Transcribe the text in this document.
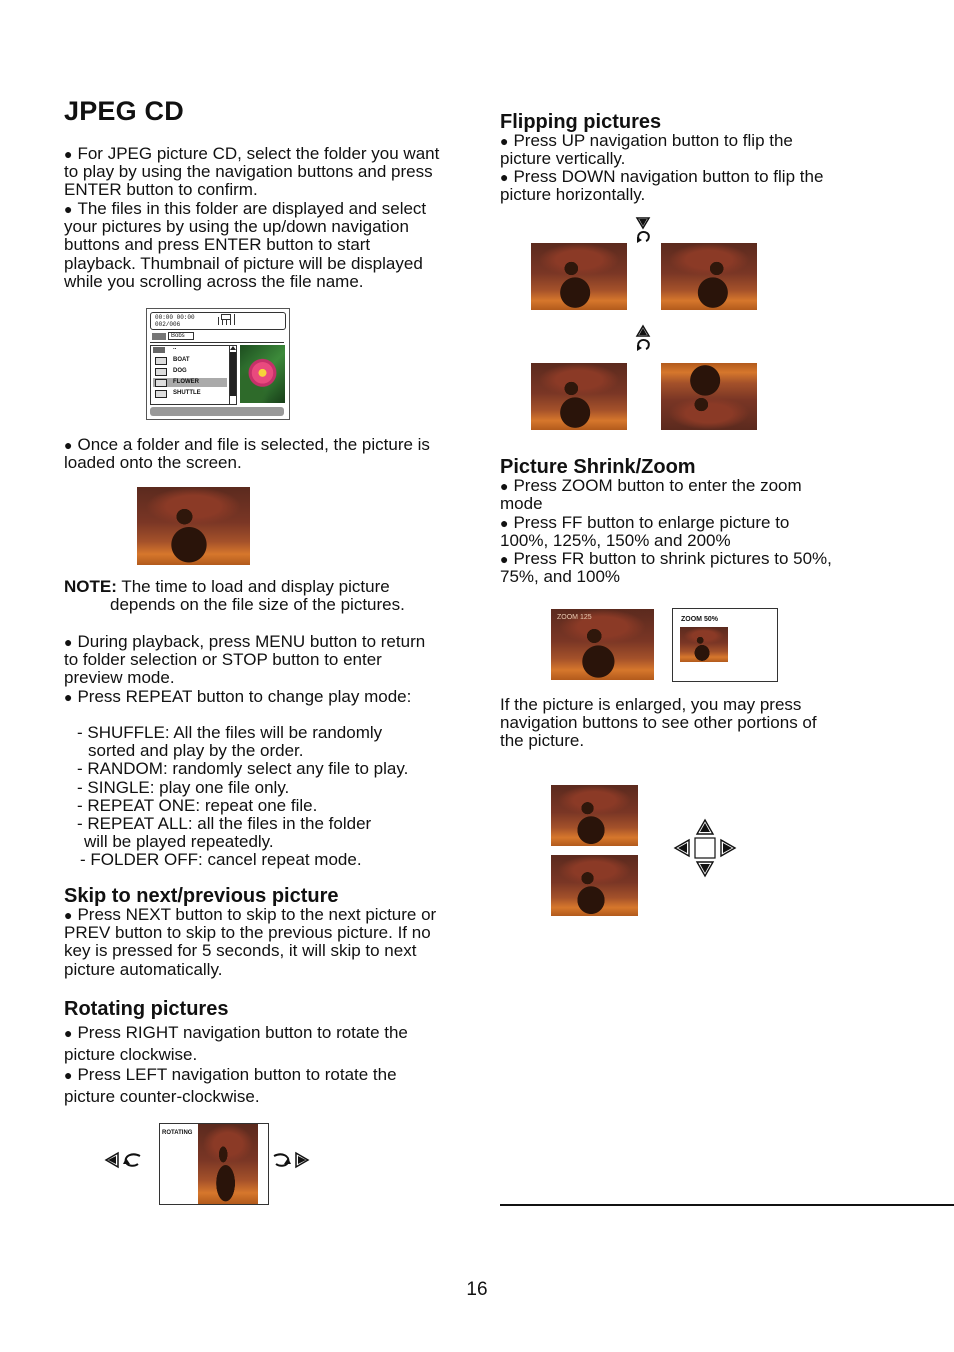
JPEG CD
● For JPEG picture CD, select the folder you want to play by using the navigation buttons and press ENTER button to confirm.
● The files in this folder are displayed and select your pictures by using the up/down navigation buttons and press ENTER button to start playback. Thumbnail of picture will be displayed while you scrolling across the file name.
00:00 00:00
002/006
Bobs
..
BOAT
DOG
FLOWER
SHUTTLE
● Once a folder and file is selected, the picture is loaded onto the screen.
NOTE: The time to load and display picture
depends on the file size of the pictures.
● During playback, press MENU button to return to folder selection or STOP button to enter preview mode.
● Press REPEAT button to change play mode:
- SHUFFLE: All the files will be randomly
sorted and play by the order.
- RANDOM: randomly select any file to play.
- SINGLE: play one file only.
- REPEAT ONE: repeat one file.
- REPEAT ALL: all the files in the folder
will be played repeatedly.
- FOLDER OFF: cancel repeat mode.
Skip to next/previous picture
● Press NEXT button to skip to the next picture or PREV button to skip to the previous picture. If no key is pressed for 5 seconds, it will skip to next picture automatically.
Rotating pictures
● Press RIGHT navigation button to rotate the picture clockwise.
● Press LEFT navigation button to rotate the picture counter-clockwise.
ROTATING
Flipping pictures
● Press UP navigation button to flip the picture vertically.
● Press DOWN navigation button to flip the picture horizontally.
Picture Shrink/Zoom
● Press ZOOM button to enter the zoom mode
● Press FF button to enlarge picture to 100%, 125%, 150% and 200%
● Press FR button to shrink pictures to 50%, 75%, and 100%
ZOOM 125	ZOOM 50%
If the picture is enlarged, you may press navigation buttons to see other portions of the picture.
16
